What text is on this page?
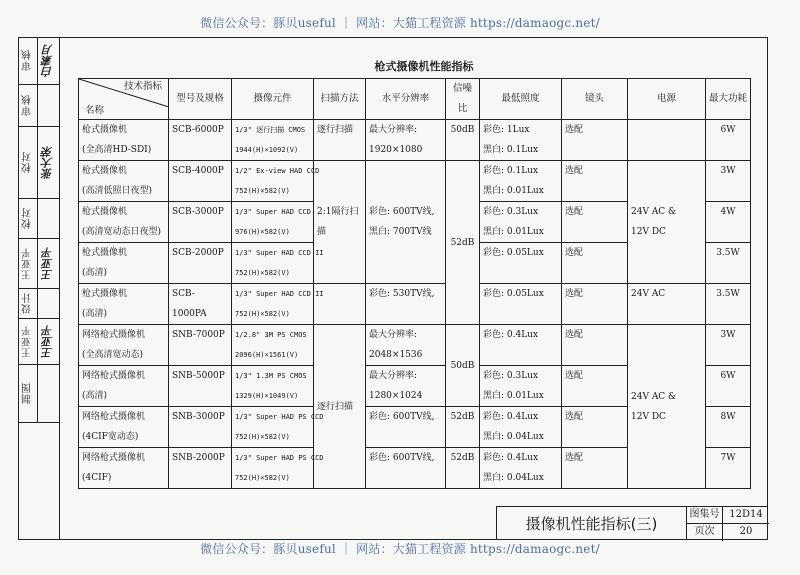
微信公众号：豚贝useful ｜ 网站：大猫工程资源 https://damaogc.net/
审核 白素月
审核
校对 张大荣
校对
王亚平 王亚平
设计
王亚平 王亚平
制图
枪式摄像机性能指标
技术指标
名称	型号及规格	摄像元件	扫描方法	水平分辨率	信噪比	最低照度	镜头	电源	最大功耗

枪式摄像机
(全高清HD-SDI)	SCB-6000P	1/3" 逐行扫描 CMOS
1944(H)×1092(V)	逐行扫描	最大分辨率:
1920×1080	50dB	彩色: 1Lux
黑白: 0.1Lux	选配		6W

枪式摄像机
(高清低照日夜型)	SCB-4000P	1/2" Ex-view HAD CCD
752(H)×582(V)	2:1隔行扫描	彩色: 600TV线,
黑白: 700TV线	52dB	彩色: 0.1Lux
黑白: 0.01Lux	选配	24V AC &
12V DC	3W

枪式摄像机
(高清宽动态日夜型)	SCB-3000P	1/3" Super HAD CCD
976(H)×582(V)				彩色: 0.3Lux
黑白: 0.01Lux	选配		4W

枪式摄像机
(高清)	SCB-2000P	1/3" Super HAD CCD II
752(H)×582(V)				彩色: 0.05Lux	选配		3.5W

枪式摄像机
(高清)	SCB-1000PA	1/3" Super HAD CCD II
752(H)×582(V)		彩色: 530TV线,		彩色: 0.05Lux	选配	24V AC	3.5W

网络枪式摄像机
(全高清宽动态)	SNB-7000P	1/2.8" 3M PS CMOS
2096(H)×1561(V)	逐行扫描	最大分辨率:
2048×1536	50dB	彩色: 0.4Lux	选配	24V AC &
12V DC	3W

网络枪式摄像机
(高清)	SNB-5000P	1/3" 1.3M PS CMOS
1329(H)×1049(V)		最大分辨率:
1280×1024		彩色: 0.3Lux
黑白: 0.01Lux	选配		6W

网络枪式摄像机
(4CIF宽动态)	SNB-3000P	1/3" Super HAD PS CCD
752(H)×582(V)		彩色: 600TV线,	52dB	彩色: 0.4Lux
黑白: 0.04Lux	选配		8W

网络枪式摄像机
(4CIF)	SNB-2000P	1/3" Super HAD PS CCD
752(H)×582(V)		彩色: 600TV线,	52dB	彩色: 0.4Lux
黑白: 0.04Lux	选配		7W
摄像机性能指标(三)
图集号 12D14
页次	20
微信公众号：豚贝useful ｜ 网站：大猫工程资源 https://damaogc.net/
